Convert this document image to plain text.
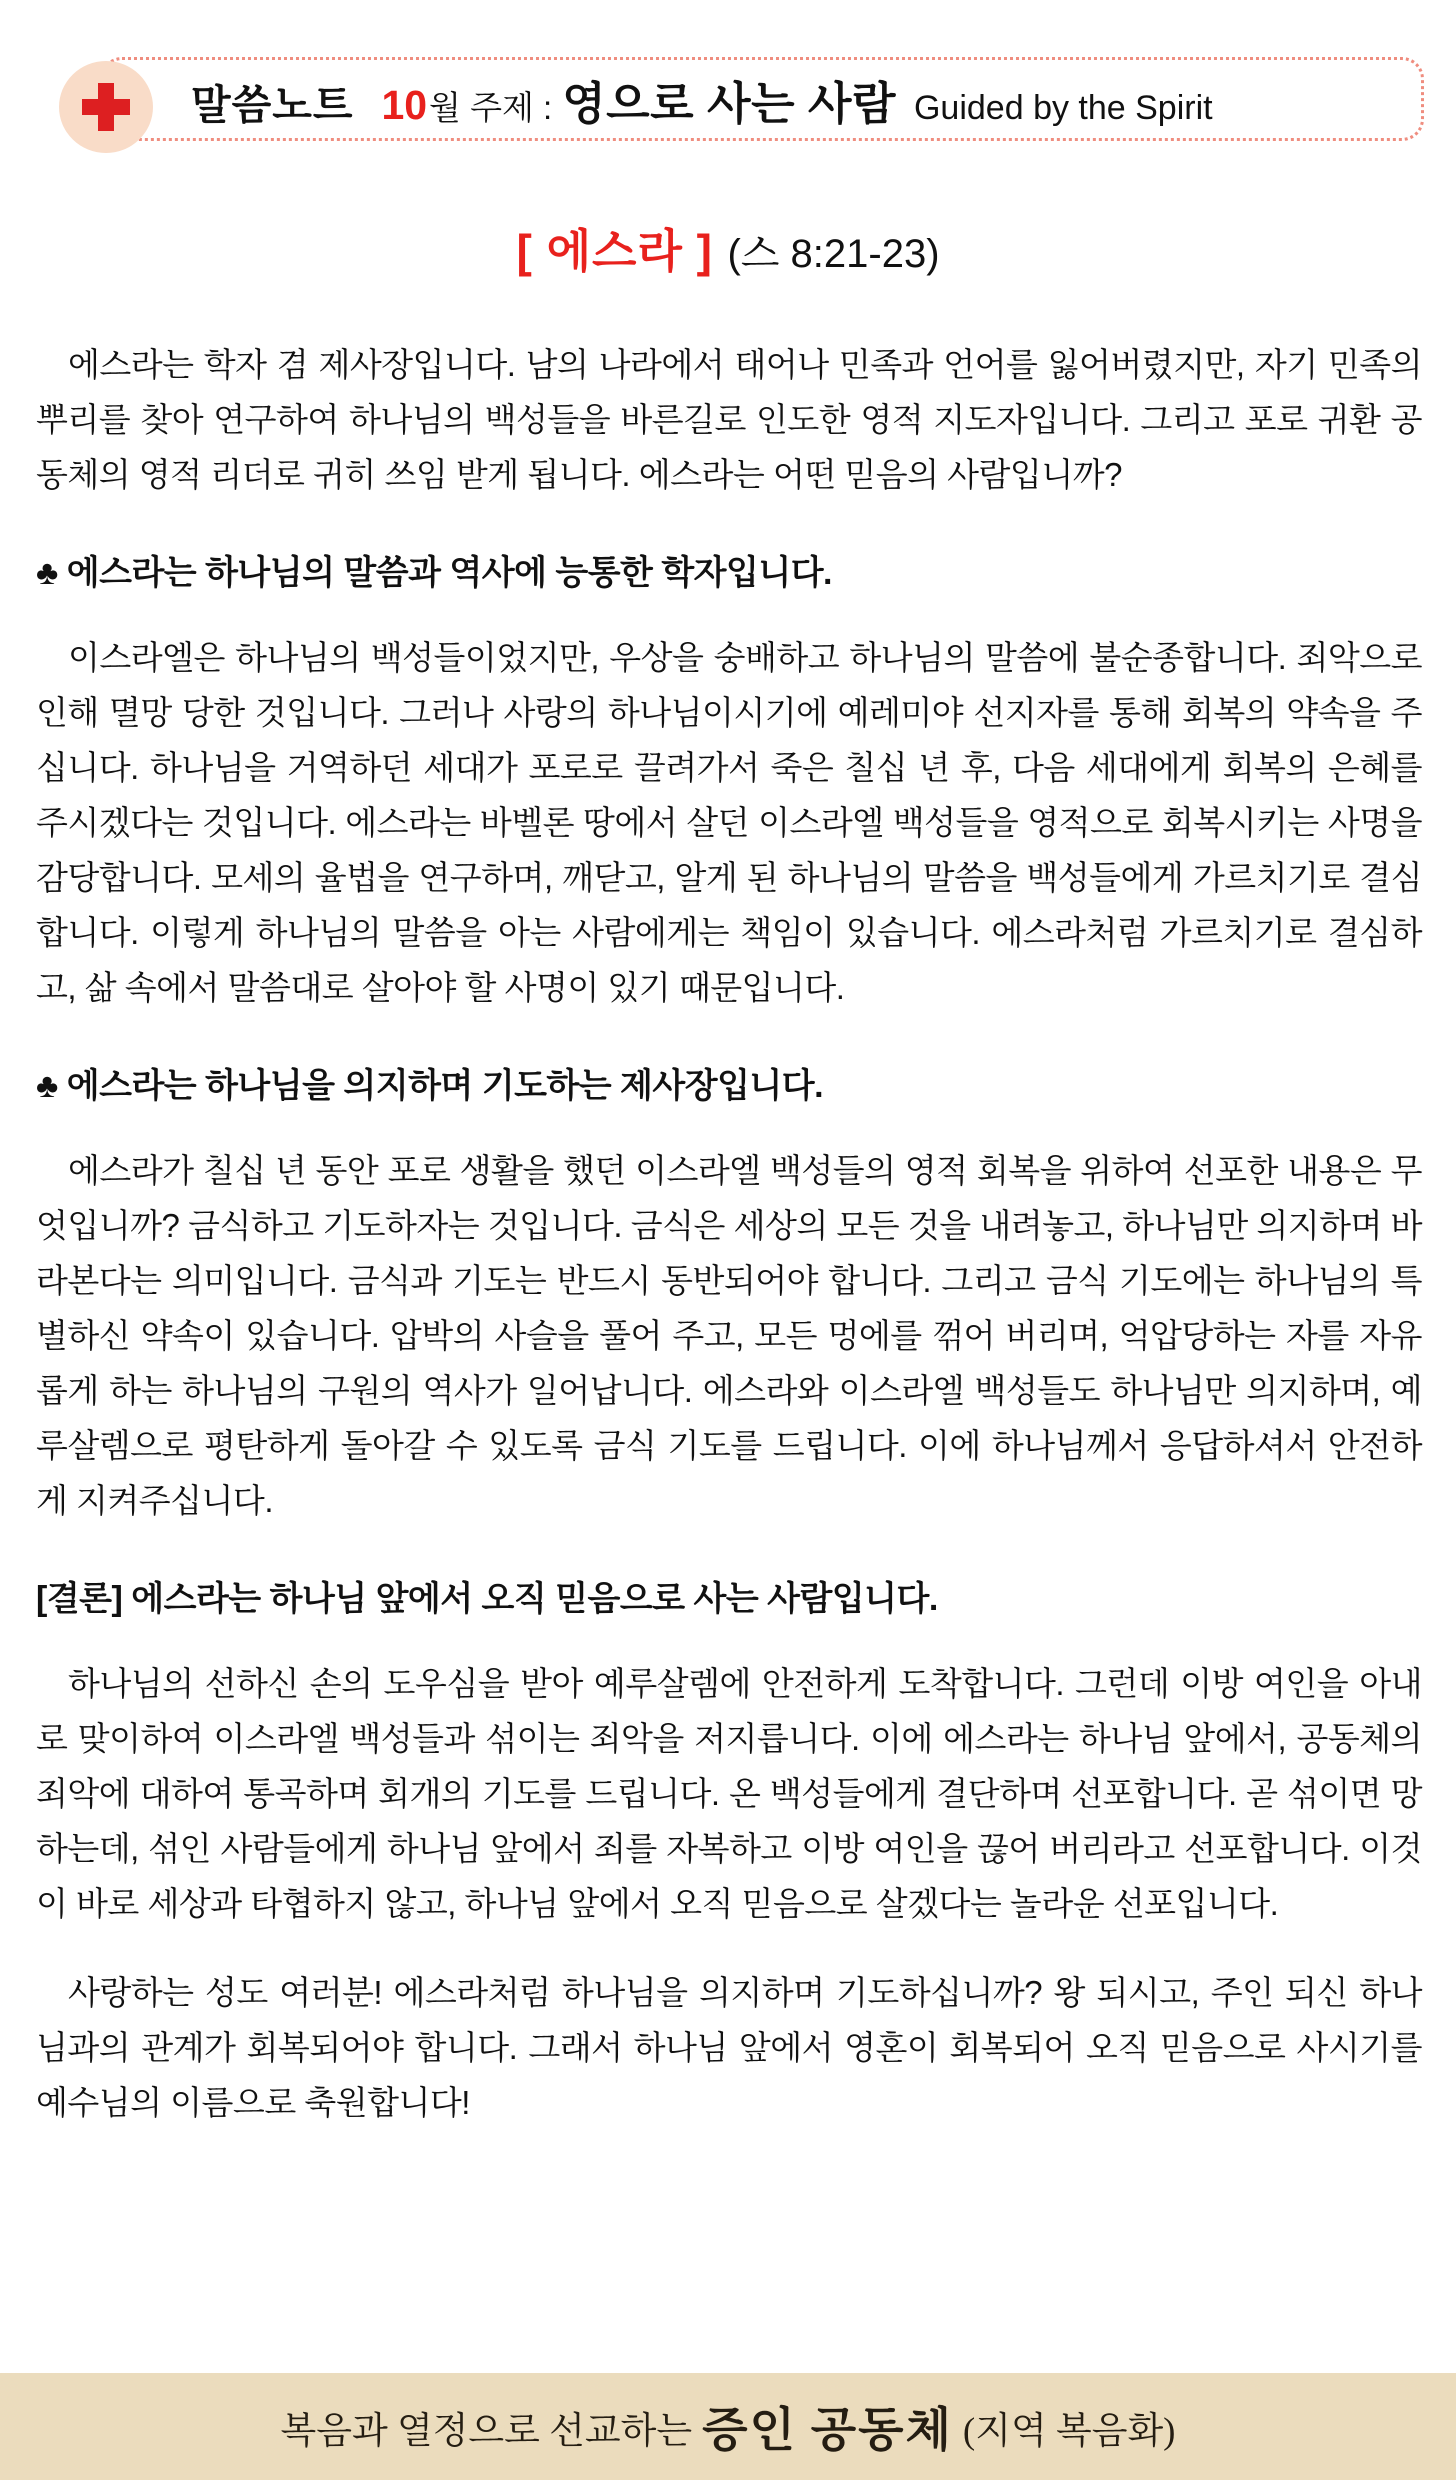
말씀노트 10 월 주제 : 영으로 사는 사람 Guided by the Spirit
[ 에스라 ] (스 8:21-23)

에스라는 학자 겸 제사장입니다. 남의 나라에서 태어나 민족과 언어를 잃어버렸지만, 자기 민족의 뿌리를 찾아 연구하여 하나님의 백성들을 바른길로 인도한 영적 지도자입니다. 그리고 포로 귀환 공동체의 영적 리더로 귀히 쓰임 받게 됩니다. 에스라는 어떤 믿음의 사람입니까?

♣ 에스라는 하나님의 말씀과 역사에 능통한 학자입니다.

이스라엘은 하나님의 백성들이었지만, 우상을 숭배하고 하나님의 말씀에 불순종합니다. 죄악으로 인해 멸망 당한 것입니다. 그러나 사랑의 하나님이시기에 예레미야 선지자를 통해 회복의 약속을 주십니다. 하나님을 거역하던 세대가 포로로 끌려가서 죽은 칠십 년 후, 다음 세대에게 회복의 은혜를 주시겠다는 것입니다. 에스라는 바벨론 땅에서 살던 이스라엘 백성들을 영적으로 회복시키는 사명을 감당합니다. 모세의 율법을 연구하며, 깨닫고, 알게 된 하나님의 말씀을 백성들에게 가르치기로 결심합니다. 이렇게 하나님의 말씀을 아는 사람에게는 책임이 있습니다. 에스라처럼 가르치기로 결심하고, 삶 속에서 말씀대로 살아야 할 사명이 있기 때문입니다.

♣ 에스라는 하나님을 의지하며 기도하는 제사장입니다.

에스라가 칠십 년 동안 포로 생활을 했던 이스라엘 백성들의 영적 회복을 위하여 선포한 내용은 무엇입니까? 금식하고 기도하자는 것입니다. 금식은 세상의 모든 것을 내려놓고, 하나님만 의지하며 바라본다는 의미입니다. 금식과 기도는 반드시 동반되어야 합니다. 그리고 금식 기도에는 하나님의 특별하신 약속이 있습니다. 압박의 사슬을 풀어 주고, 모든 멍에를 꺾어 버리며, 억압당하는 자를 자유롭게 하는 하나님의 구원의 역사가 일어납니다. 에스라와 이스라엘 백성들도 하나님만 의지하며, 예루살렘으로 평탄하게 돌아갈 수 있도록 금식 기도를 드립니다. 이에 하나님께서 응답하셔서 안전하게 지켜주십니다.

[결론] 에스라는 하나님 앞에서 오직 믿음으로 사는 사람입니다.

하나님의 선하신 손의 도우심을 받아 예루살렘에 안전하게 도착합니다. 그런데 이방 여인을 아내로 맞이하여 이스라엘 백성들과 섞이는 죄악을 저지릅니다. 이에 에스라는 하나님 앞에서, 공동체의 죄악에 대하여 통곡하며 회개의 기도를 드립니다. 온 백성들에게 결단하며 선포합니다. 곧 섞이면 망하는데, 섞인 사람들에게 하나님 앞에서 죄를 자복하고 이방 여인을 끊어 버리라고 선포합니다. 이것이 바로 세상과 타협하지 않고, 하나님 앞에서 오직 믿음으로 살겠다는 놀라운 선포입니다.

사랑하는 성도 여러분! 에스라처럼 하나님을 의지하며 기도하십니까? 왕 되시고, 주인 되신 하나님과의 관계가 회복되어야 합니다. 그래서 하나님 앞에서 영혼이 회복되어 오직 믿음으로 사시기를 예수님의 이름으로 축원합니다!

복음과 열정으로 선교하는 증인 공동체 (지역 복음화)
